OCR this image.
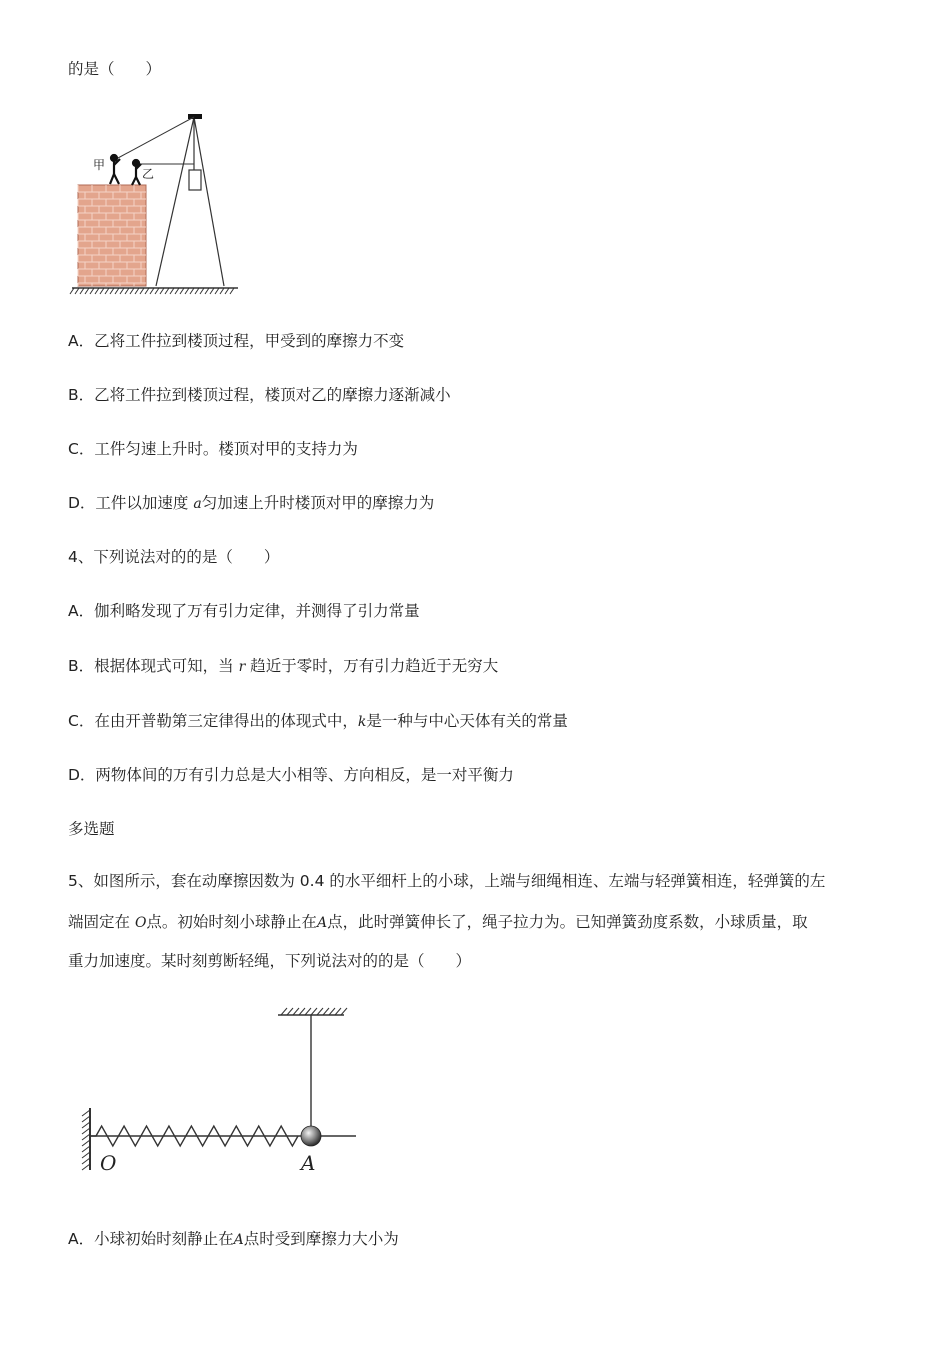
的是（　　）
甲
乙
A．乙将工件拉到楼顶过程，甲受到的摩擦力不变
B．乙将工件拉到楼顶过程，楼顶对乙的摩擦力逐渐减小
C．工件匀速上升时。楼顶对甲的支持力为
D．工件以加速度 a匀加速上升时楼顶对甲的摩擦力为
4、下列说法对的的是（　　）
A．伽利略发现了万有引力定律，并测得了引力常量
B．根据体现式可知，当 r 趋近于零时，万有引力趋近于无穷大
C．在由开普勒第三定律得出的体现式中，k是一种与中心天体有关的常量
D．两物体间的万有引力总是大小相等、方向相反，是一对平衡力
多选题
5、如图所示，套在动摩擦因数为 0.4 的水平细杆上的小球，上端与细绳相连、左端与轻弹簧相连，轻弹簧的左
端固定在 O点。初始时刻小球静止在A点，此时弹簧伸长了，绳子拉力为。已知弹簧劲度系数，小球质量，取
重力加速度。某时刻剪断轻绳，下列说法对的的是（　　）
O	A
A．小球初始时刻静止在A点时受到摩擦力大小为
